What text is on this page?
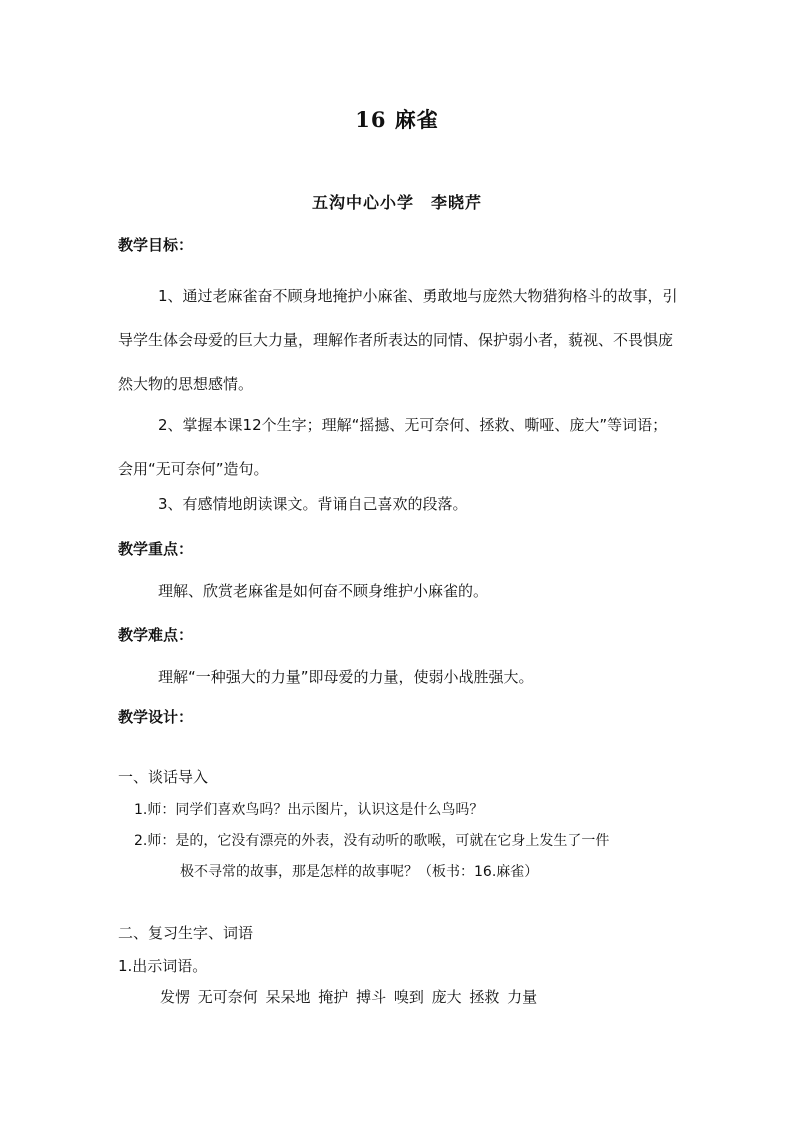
16 麻雀
五沟中心小学　李晓芹
教学目标：
1、通过老麻雀奋不顾身地掩护小麻雀、勇敢地与庞然大物猎狗格斗的故事，引导学生体会母爱的巨大力量，理解作者所表达的同情、保护弱小者，藐视、不畏惧庞然大物的思想感情。
2、掌握本课12个生字；理解“摇撼、无可奈何、拯救、嘶哑、庞大”等词语；会用“无可奈何”造句。
3、有感情地朗读课文。背诵自己喜欢的段落。
教学重点：
理解、欣赏老麻雀是如何奋不顾身维护小麻雀的。
教学难点：
理解“一种强大的力量”即母爱的力量，使弱小战胜强大。
教学设计：
一、谈话导入
1.师：同学们喜欢鸟吗？出示图片，认识这是什么鸟吗？
2.师：是的，它没有漂亮的外表，没有动听的歌喉，可就在它身上发生了一件
极不寻常的故事，那是怎样的故事呢？（板书：16.麻雀）
二、复习生字、词语
1.出示词语。
发愣 无可奈何 呆呆地 掩护 搏斗 嗅到 庞大 拯救 力量
